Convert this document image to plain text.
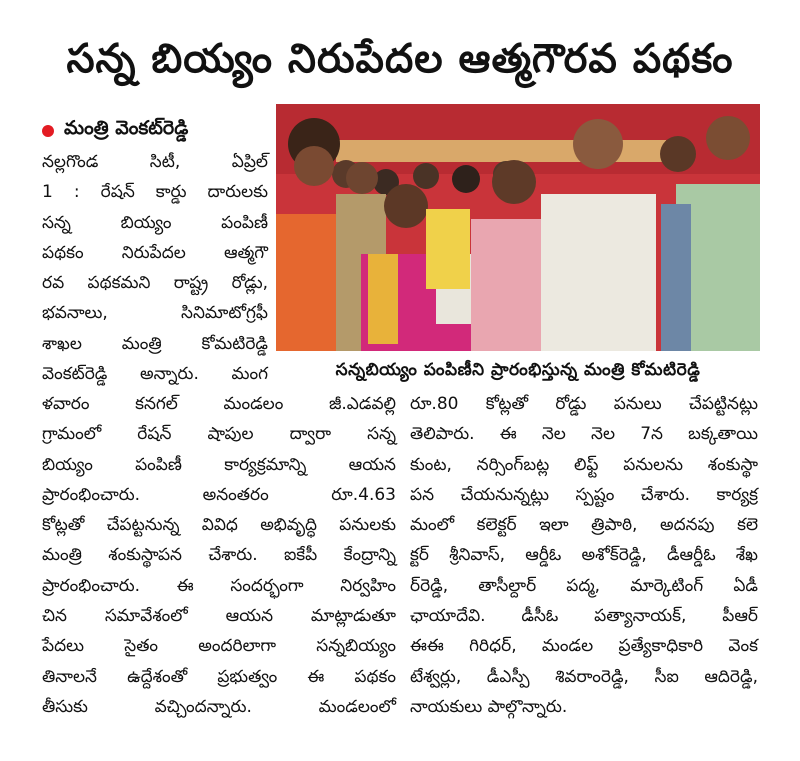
సన్న బియ్యం నిరుపేదల ఆత్మగౌరవ పథకం
మంత్రి వెంకట్‌రెడ్డి
సన్నబియ్యం పంపిణీని ప్రారంభిస్తున్న మంత్రి కోమటిరెడ్డి

నల్లగొండ సిటీ, ఏప్రిల్

1 : రేషన్ కార్డు దారులకు

సన్న బియ్యం పంపిణీ

పథకం నిరుపేదల ఆత్మగౌ

రవ పథకమని రాష్ట్ర రోడ్లు,

భవనాలు, సినిమాటోగ్రఫీ

శాఖల మంత్రి కోమటిరెడ్డి

వెంకట్‌రెడ్డి అన్నారు. మంగ

ళవారం కనగల్ మండలం జీ.ఎడవల్లి

గ్రామంలో రేషన్ షాపుల ద్వారా సన్న

బియ్యం పంపిణీ కార్యక్రమాన్ని ఆయన

ప్రారంభించారు. అనంతరం రూ.4.63

కోట్లతో చేపట్టనున్న వివిధ అభివృద్ధి పనులకు

మంత్రి శంకుస్థాపన చేశారు. ఐకేపీ కేంద్రాన్ని

ప్రారంభించారు. ఈ సందర్భంగా నిర్వహిం

చిన సమావేశంలో ఆయన మాట్లాడుతూ

పేదలు సైతం అందరిలాగా సన్నబియ్యం

తినాలనే ఉద్దేశంతో ప్రభుత్వం ఈ పథకం

తీసుకు వచ్చిందన్నారు. మండలంలో

రూ.80 కోట్లతో రోడ్డు పనులు చేపట్టినట్లు

తెలిపారు. ఈ నెల నెల 7న బక్కతాయి

కుంట, నర్సింగ్‌బట్ల లిఫ్ట్ పనులను శంకుస్థా

పన చేయనున్నట్లు స్పష్టం చేశారు. కార్యక్ర

మంలో కలెక్టర్ ఇలా త్రిపాఠి, అదనపు కలె

క్టర్ శ్రీనివాస్, ఆర్డీఓ అశోక్‌రెడ్డి, డీఆర్డీఓ శేఖ

ర్‌రెడ్డి, తాసీల్దార్ పద్మ, మార్కెటింగ్ ఏడీ

ఛాయాదేవి. డీసీఓ పత్యానాయక్, పీఆర్

ఈఈ గిరిధర్, మండల ప్రత్యేకాధికారి వెంక

టేశ్వర్లు, డీఎస్పీ శివరాంరెడ్డి, సీఐ ఆదిరెడ్డి,

నాయకులు పాల్గొన్నారు.
